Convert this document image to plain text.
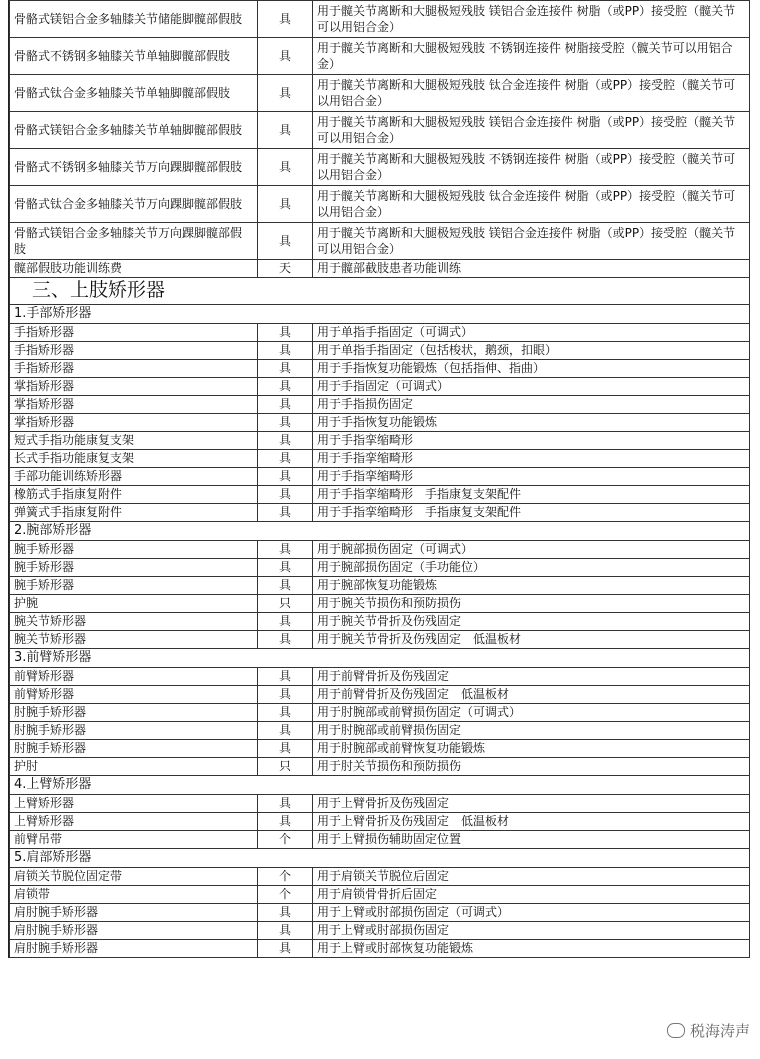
骨骼式镁铝合金多轴膝关节储能脚髋部假肢	具	用于髋关节离断和大腿极短残肢 镁铝合金连接件 树脂（或PP）接受腔（髋关节可以用铝合金）
骨骼式不锈钢多轴膝关节单轴脚髋部假肢	具	用于髋关节离断和大腿极短残肢 不锈钢连接件 树脂接受腔（髋关节可以用铝合金）
骨骼式钛合金多轴膝关节单轴脚髋部假肢	具	用于髋关节离断和大腿极短残肢 钛合金连接件 树脂（或PP）接受腔（髋关节可以用铝合金）
骨骼式镁铝合金多轴膝关节单轴脚髋部假肢	具	用于髋关节离断和大腿极短残肢 镁铝合金连接件 树脂（或PP）接受腔（髋关节可以用铝合金）
骨骼式不锈钢多轴膝关节万向踝脚髋部假肢	具	用于髋关节离断和大腿极短残肢 不锈钢连接件 树脂（或PP）接受腔（髋关节可以用铝合金）
骨骼式钛合金多轴膝关节万向踝脚髋部假肢	具	用于髋关节离断和大腿极短残肢 钛合金连接件 树脂（或PP）接受腔（髋关节可以用铝合金）
骨骼式镁铝合金多轴膝关节万向踝脚髋部假肢	具	用于髋关节离断和大腿极短残肢 镁铝合金连接件 树脂（或PP）接受腔（髋关节可以用铝合金）
髋部假肢功能训练费	天	用于髋部截肢患者功能训练
三、上肢矫形器		
1.手部矫形器		
手指矫形器	具	用于单指手指固定（可调式）
手指矫形器	具	用于单指手指固定（包括梭状，鹅颈，扣眼）
手指矫形器	具	用于手指恢复功能锻炼（包括指伸、指曲）
掌指矫形器	具	用于手指固定（可调式）
掌指矫形器	具	用于手指损伤固定
掌指矫形器	具	用于手指恢复功能锻炼
短式手指功能康复支架	具	用于手指挛缩畸形
长式手指功能康复支架	具	用于手指挛缩畸形
手部功能训练矫形器	具	用于手指挛缩畸形
橡筋式手指康复附件	具	用于手指挛缩畸形　手指康复支架配件
弹簧式手指康复附件	具	用于手指挛缩畸形　手指康复支架配件
2.腕部矫形器		
腕手矫形器	具	用于腕部损伤固定（可调式）
腕手矫形器	具	用于腕部损伤固定（手功能位）
腕手矫形器	具	用于腕部恢复功能锻炼
护腕	只	用于腕关节损伤和预防损伤
腕关节矫形器	具	用于腕关节骨折及伤残固定
腕关节矫形器	具	用于腕关节骨折及伤残固定　低温板材
3.前臂矫形器		
前臂矫形器	具	用于前臂骨折及伤残固定
前臂矫形器	具	用于前臂骨折及伤残固定　低温板材
肘腕手矫形器	具	用于肘腕部或前臂损伤固定（可调式）
肘腕手矫形器	具	用于肘腕部或前臂损伤固定
肘腕手矫形器	具	用于肘腕部或前臂恢复功能锻炼
护肘	只	用于肘关节损伤和预防损伤
4.上臂矫形器		
上臂矫形器	具	用于上臂骨折及伤残固定
上臂矫形器	具	用于上臂骨折及伤残固定　低温板材
前臂吊带	个	用于上臂损伤辅助固定位置
5.肩部矫形器		
肩锁关节脱位固定带	个	用于肩锁关节脱位后固定
肩锁带	个	用于肩锁骨骨折后固定
肩肘腕手矫形器	具	用于上臂或肘部损伤固定（可调式）
肩肘腕手矫形器	具	用于上臂或肘部损伤固定
肩肘腕手矫形器	具	用于上臂或肘部恢复功能锻炼
税海涛声
